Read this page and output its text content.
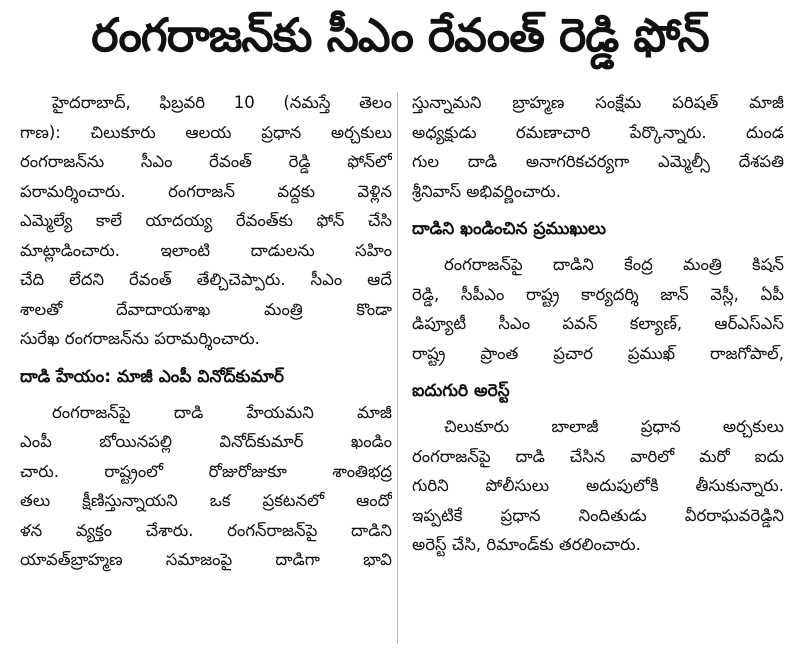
రంగరాజన్‌కు సీఎం రేవంత్ రెడ్డి ఫోన్
హైదరాబాద్, ఫిబ్రవరి 10 (నమస్తే తెలం
గాణ): చిలుకూరు ఆలయ ప్రధాన అర్చకులు
రంగరాజన్‌ను సీఎం రేవంత్ రెడ్డి ఫోన్‌లో
పరామర్శించారు. రంగరాజన్ వద్దకు వెళ్లిన
ఎమ్మెల్యే కాలే యాదయ్య రేవంత్‌కు ఫోన్ చేసి
మాట్లాడించారు. ఇలాంటి దాడులను సహిం
చేది లేదని రేవంత్ తేల్చిచెప్పారు. సీఎం ఆదే
శాలతో దేవాదాయశాఖ మంత్రి కొండా
సురేఖ రంగరాజన్‌ను పరామర్శించారు.
దాడి హేయం: మాజీ ఎంపీ వినోద్‌కుమార్
రంగరాజన్‌పై దాడి హేయమని మాజీ
ఎంపీ బోయినపల్లి వినోద్‌కుమార్ ఖండిం
చారు. రాష్ట్రంలో రోజురోజుకూ శాంతిభద్ర
తలు క్షీణిస్తున్నాయని ఒక ప్రకటనలో ఆందో
ళన వ్యక్తం చేశారు. రంగన్‌రాజన్‌పై దాడిని
యావత్‌బ్రాహ్మణ సమాజంపై దాడిగా భావి
స్తున్నామని బ్రాహ్మణ సంక్షేమ పరిషత్ మాజీ
అధ్యక్షుడు రమణాచారి పేర్కొన్నారు. దుండ
గుల దాడి అనాగరికచర్యగా ఎమ్మెల్సీ దేశపతి
శ్రీనివాస్ అభివర్ణించారు.
దాడిని ఖండించిన ప్రముఖులు
రంగరాజన్‌పై దాడిని కేంద్ర మంత్రి కిషన్
రెడ్డి, సీపీఎం రాష్ట్ర కార్యదర్శి జాన్ వెస్లీ, ఏపీ
డిప్యూటీ సీఎం పవన్ కల్యాణ్, ఆర్‌ఎస్‌ఎస్
రాష్ట్ర ప్రాంత ప్రచార ప్రముఖ్ రాజగోపాల్,
ఐదుగురి అరెస్ట్
చిలుకూరు బాలాజీ ప్రధాన అర్చకులు
రంగరాజన్‌పై దాడి చేసిన వారిలో మరో ఐదు
గురిని పోలీసులు అదుపులోకి తీసుకున్నారు.
ఇప్పటికే ప్రధాన నిందితుడు వీరరాఘవరెడ్డిని
అరెస్ట్ చేసి, రిమాండ్‌కు తరలించారు.
